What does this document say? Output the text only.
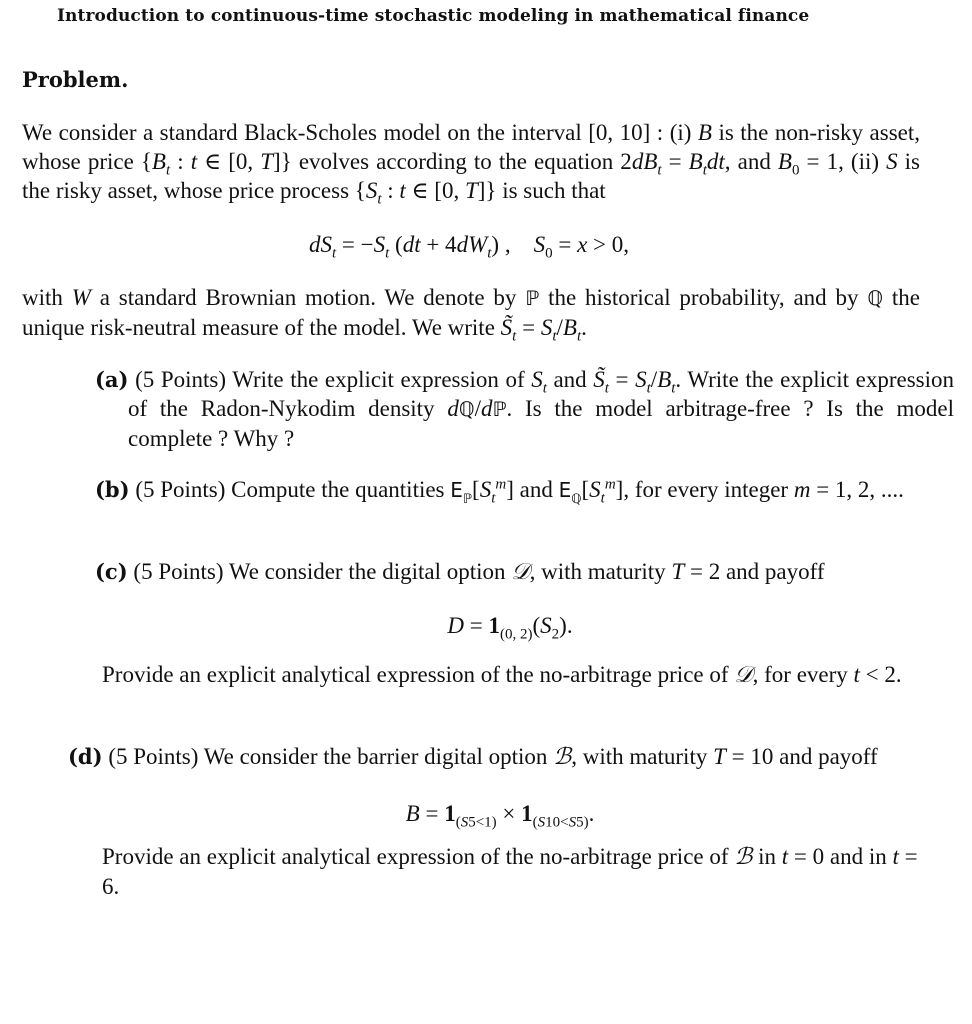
Introduction to continuous-time stochastic modeling in mathematical finance
Problem.
We consider a standard Black-Scholes model on the interval [0, 10] : (i) B is the non-risky asset, whose price {$B_t$ : t ∈ [0, T]} evolves according to the equation $2dB_t = B_tdt$, and $B_0 = 1$, (ii) S is the risky asset, whose price process {$S_t$ : t ∈ [0, T]} is such that
$dS_t = -S_t$ $(dt + 4dW_t)$ ,    $S_0 = x > 0$,
with W a standard Brownian motion. We denote by ℙ the historical probability, and by ℚ the unique risk-neutral measure of the model. We write $S̃_t = S_t/B_t$.
(a) (5 Points) Write the explicit expression of $S_t$ and $S̃_t = S_t/B_t$. Write the explicit expression of the Radon-Nykodim density dℚ/dℙ. Is the model arbitrage-free ? Is the model complete ? Why ?
(b) (5 Points) Compute the quantities $E_ℙ[S_t^m]$ and $E_ℚ[S_t^m]$, for every integer m = 1, 2, ....
(c) (5 Points) We consider the digital option 𝒟, with maturity T = 2 and payoff
$D = 1_{(0, 2)}(S_2)$.
Provide an explicit analytical expression of the no-arbitrage price of 𝒟, for every t < 2.
(d) (5 Points) We consider the barrier digital option ℬ, with maturity T = 10 and payoff
$B = 1_{(S5<1)} \times 1_{(S10<S5)}$.
Provide an explicit analytical expression of the no-arbitrage price of ℬ in t = 0 and in t = 6.
